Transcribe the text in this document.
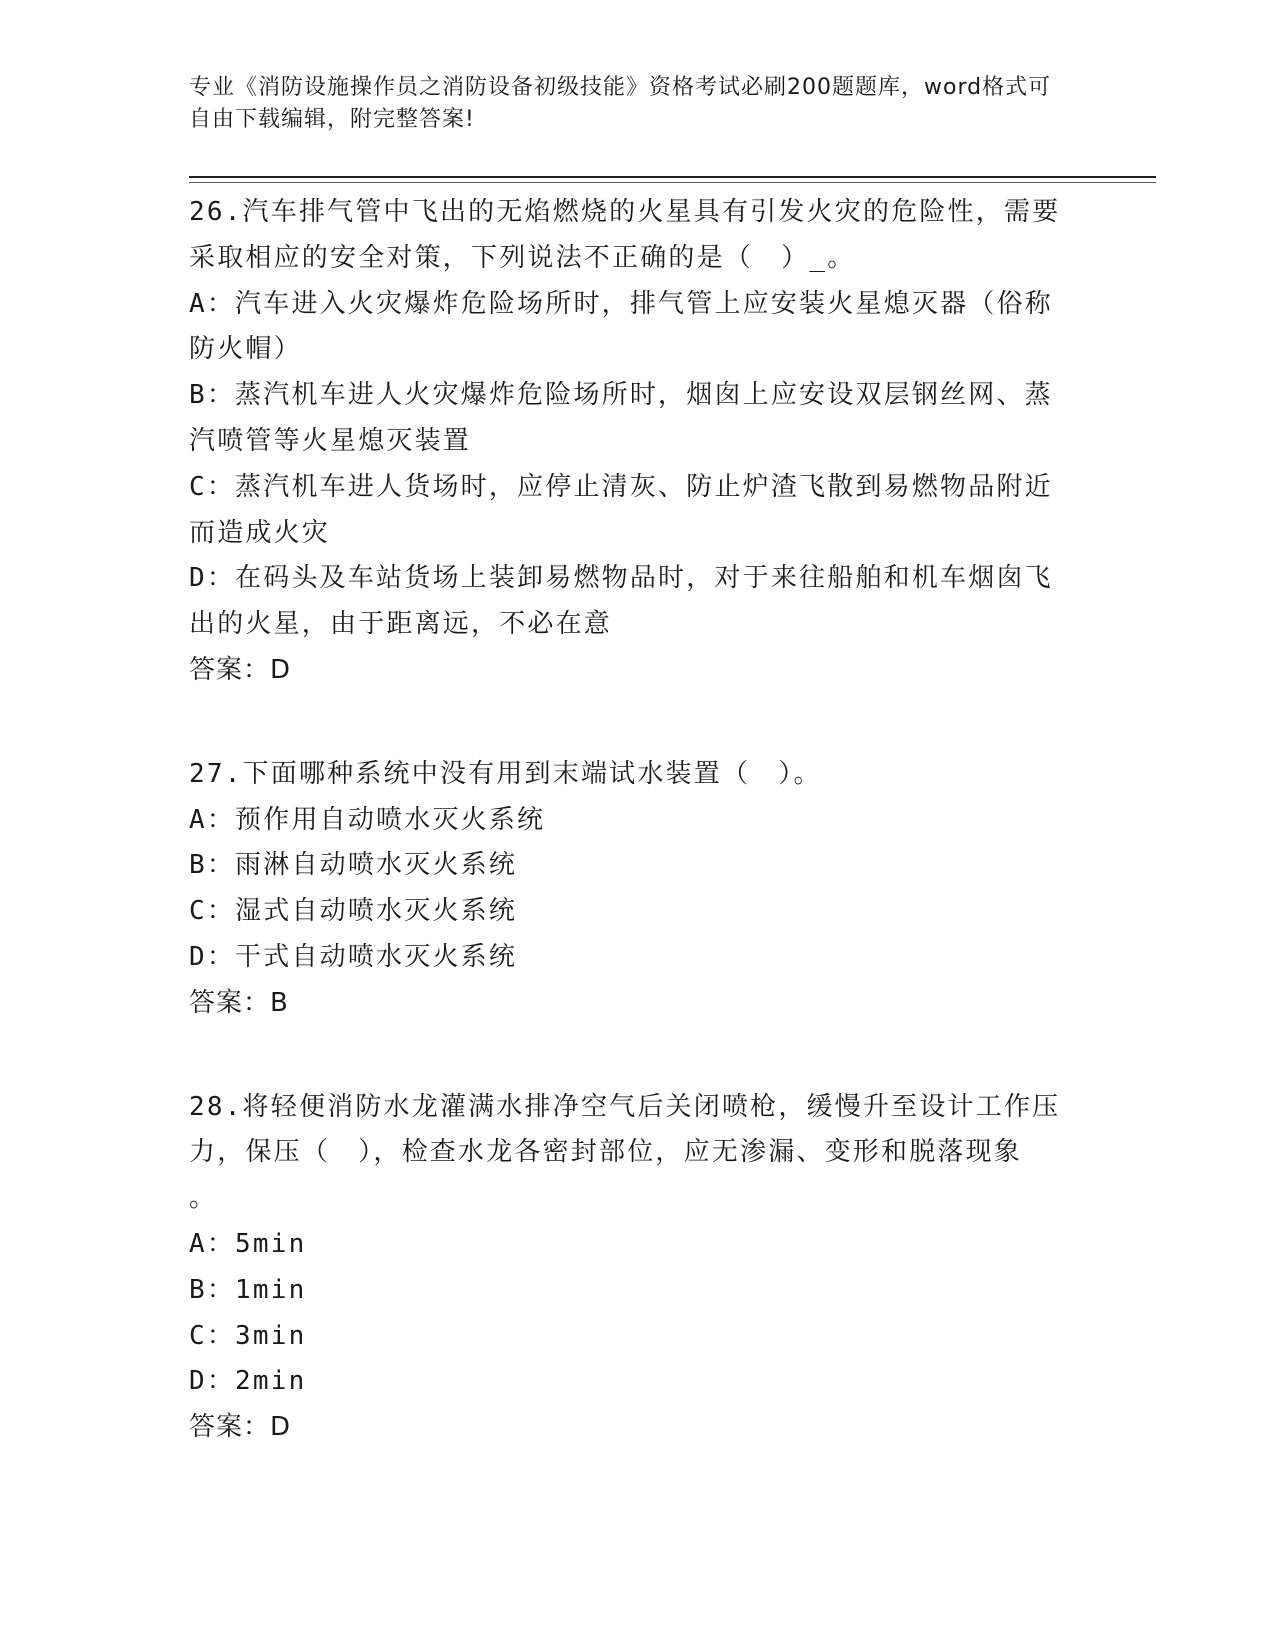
专业《消防设施操作员之消防设备初级技能》资格考试必刷200题题库，word格式可自由下载编辑，附完整答案!
26.汽车排气管中飞出的无焰燃烧的火星具有引发火灾的危险性，需要
采取相应的安全对策，下列说法不正确的是（　）_。
A：汽车进入火灾爆炸危险场所时，排气管上应安装火星熄灭器（俗称
防火帽）
B：蒸汽机车进人火灾爆炸危险场所时，烟囱上应安设双层钢丝网、蒸
汽喷管等火星熄灭装置
C：蒸汽机车进人货场时，应停止清灰、防止炉渣飞散到易燃物品附近
而造成火灾
D：在码头及车站货场上装卸易燃物品时，对于来往船舶和机车烟囱飞
出的火星，由于距离远，不必在意
答案：D
27.下面哪种系统中没有用到末端试水装置（　）。
A：预作用自动喷水灭火系统
B：雨淋自动喷水灭火系统
C：湿式自动喷水灭火系统
D：干式自动喷水灭火系统
答案：B
28.将轻便消防水龙灌满水排净空气后关闭喷枪，缓慢升至设计工作压
力，保压（　），检查水龙各密封部位，应无渗漏、变形和脱落现象
。
A：5min
B：1min
C：3min
D：2min
答案：D
